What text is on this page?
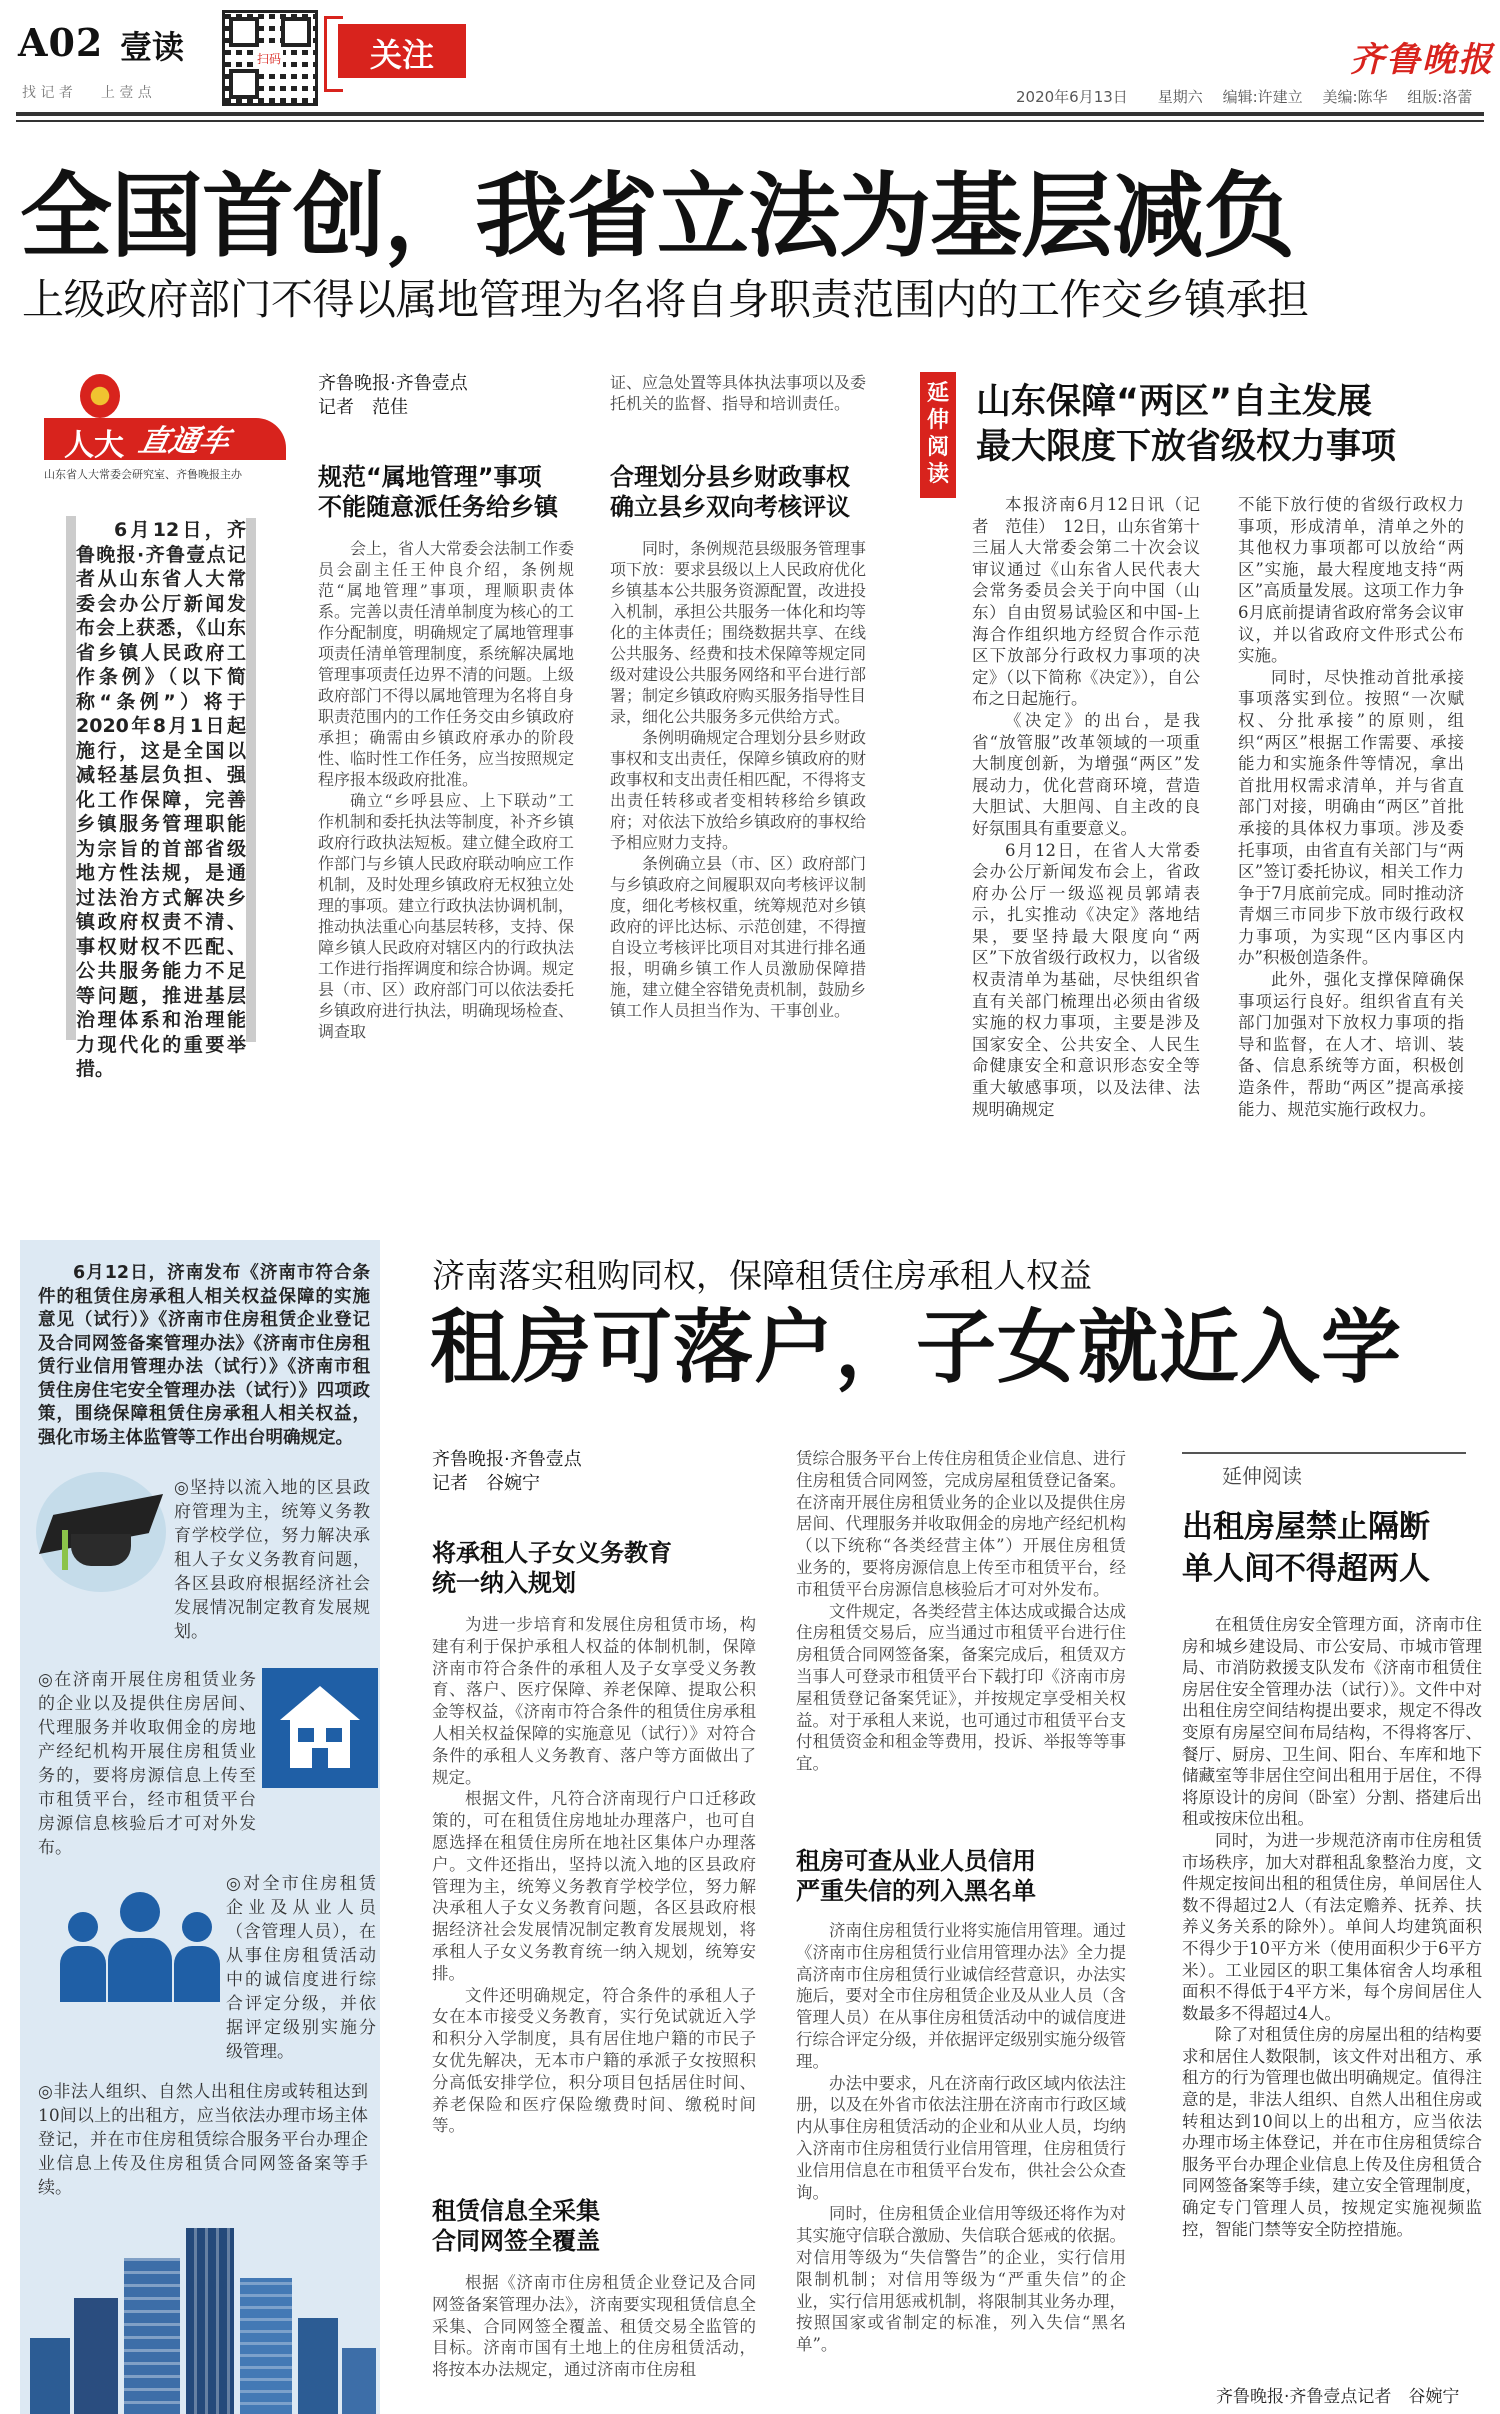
A02 壹读
找 记 者　　上 壹 点
扫码	关注
2020年6月13日　　星期六　 编辑:许建立　 美编:陈华　 组版:洛蕾
齐鲁晚报
全国首创，我省立法为基层减负
上级政府部门不得以属地管理为名将自身职责范围内的工作交乡镇承担
人大 直通车
山东省人大常委会研究室、齐鲁晚报主办
6月12日，齐鲁晚报·齐鲁壹点记者从山东省人大常委会办公厅新闻发布会上获悉，《山东省乡镇人民政府工作条例》（以下简称“条例”）将于2020年8月1日起施行，这是全国以减轻基层负担、强化工作保障，完善乡镇服务管理职能为宗旨的首部省级地方性法规，是通过法治方式解决乡镇政府权责不清、事权财权不匹配、公共服务能力不足等问题，推进基层治理体系和治理能力现代化的重要举措。
齐鲁晚报·齐鲁壹点
记者　范佳
规范“属地管理”事项
不能随意派任务给乡镇

会上，省人大常委会法制工作委员会副主任王仲良介绍，条例规范“属地管理”事项，理顺职责体系。完善以责任清单制度为核心的工作分配制度，明确规定了属地管理事项责任清单管理制度，系统解决属地管理事项责任边界不清的问题。上级政府部门不得以属地管理为名将自身职责范围内的工作任务交由乡镇政府承担；确需由乡镇政府承办的阶段性、临时性工作任务，应当按照规定程序报本级政府批准。

确立“乡呼县应、上下联动”工作机制和委托执法等制度，补齐乡镇政府行政执法短板。建立健全政府工作部门与乡镇人民政府联动响应工作机制，及时处理乡镇政府无权独立处理的事项。建立行政执法协调机制，推动执法重心向基层转移，支持、保障乡镇人民政府对辖区内的行政执法工作进行指挥调度和综合协调。规定县（市、区）政府部门可以依法委托乡镇政府进行执法，明确现场检查、调查取

证、应急处置等具体执法事项以及委托机关的监督、指导和培训责任。

合理划分县乡财政事权
确立县乡双向考核评议

同时，条例规范县级服务管理事项下放：要求县级以上人民政府优化乡镇基本公共服务资源配置，改进投入机制，承担公共服务一体化和均等化的主体责任；围绕数据共享、在线公共服务、经费和技术保障等规定同级对建设公共服务网络和平台进行部署；制定乡镇政府购买服务指导性目录，细化公共服务多元供给方式。

条例明确规定合理划分县乡财政事权和支出责任，保障乡镇政府的财政事权和支出责任相匹配，不得将支出责任转移或者变相转移给乡镇政府；对依法下放给乡镇政府的事权给予相应财力支持。

条例确立县（市、区）政府部门与乡镇政府之间履职双向考核评议制度，细化考核权重，统筹规范对乡镇政府的评比达标、示范创建，不得擅自设立考核评比项目对其进行排名通报，明确乡镇工作人员激励保障措施，建立健全容错免责机制，鼓励乡镇工作人员担当作为、干事创业。

延伸阅读
山东保障“两区”自主发展
最大限度下放省级权力事项

本报济南6月12日讯（记者　范佳）　12日，山东省第十三届人大常委会第二十次会议审议通过《山东省人民代表大会常务委员会关于向中国（山东）自由贸易试验区和中国-上海合作组织地方经贸合作示范区下放部分行政权力事项的决定》（以下简称《决定》），自公布之日起施行。

《决定》的出台，是我省“放管服”改革领域的一项重大制度创新，为增强“两区”发展动力，优化营商环境，营造大胆试、大胆闯、自主改的良好氛围具有重要意义。

6月12日，在省人大常委会办公厅新闻发布会上，省政府办公厅一级巡视员郭靖表示，扎实推动《决定》落地结果，要坚持最大限度向“两区”下放省级行政权力，以省级权责清单为基础，尽快组织省直有关部门梳理出必须由省级实施的权力事项，主要是涉及国家安全、公共安全、人民生命健康安全和意识形态安全等重大敏感事项，以及法律、法规明确规定

不能下放行使的省级行政权力事项，形成清单，清单之外的其他权力事项都可以放给“两区”实施，最大程度地支持“两区”高质量发展。这项工作力争6月底前提请省政府常务会议审议，并以省政府文件形式公布实施。

同时，尽快推动首批承接事项落实到位。按照“一次赋权、分批承接”的原则，组织“两区”根据工作需要、承接能力和实施条件等情况，拿出首批用权需求清单，并与省直部门对接，明确由“两区”首批承接的具体权力事项。涉及委托事项，由省直有关部门与“两区”签订委托协议，相关工作力争于7月底前完成。同时推动济青烟三市同步下放市级行政权力事项，为实现“区内事区内办”积极创造条件。

此外，强化支撑保障确保事项运行良好。组织省直有关部门加强对下放权力事项的指导和监督，在人才、培训、装备、信息系统等方面，积极创造条件，帮助“两区”提高承接能力、规范实施行政权力。

6月12日，济南发布《济南市符合条件的租赁住房承租人相关权益保障的实施意见（试行）》《济南市住房租赁企业登记及合同网签备案管理办法》《济南市住房租赁行业信用管理办法（试行）》《济南市租赁住房住宅安全管理办法（试行）》四项政策，围绕保障租赁住房承租人相关权益，强化市场主体监管等工作出台明确规定。
◎坚持以流入地的区县政府管理为主，统筹义务教育学校学位，努力解决承租人子女义务教育问题，各区县政府根据经济社会发展情况制定教育发展规划。
◎在济南开展住房租赁业务的企业以及提供住房居间、代理服务并收取佣金的房地产经纪机构开展住房租赁业务的，要将房源信息上传至市租赁平台，经市租赁平台房源信息核验后才可对外发布。
◎对全市住房租赁企业及从业人员（含管理人员），在从事住房租赁活动中的诚信度进行综合评定分级，并依据评定级别实施分级管理。
◎非法人组织、自然人出租住房或转租达到10间以上的出租方，应当依法办理市场主体登记，并在市住房租赁综合服务平台办理企业信息上传及住房租赁合同网签备案等手续。
济南落实租购同权，保障租赁住房承租人权益
租房可落户，子女就近入学
齐鲁晚报·齐鲁壹点
记者　谷婉宁
将承租人子女义务教育
统一纳入规划

为进一步培育和发展住房租赁市场，构建有利于保护承租人权益的体制机制，保障济南市符合条件的承租人及子女享受义务教育、落户、医疗保障、养老保障、提取公积金等权益，《济南市符合条件的租赁住房承租人相关权益保障的实施意见（试行）》对符合条件的承租人义务教育、落户等方面做出了规定。

根据文件，凡符合济南现行户口迁移政策的，可在租赁住房地址办理落户，也可自愿选择在租赁住房所在地社区集体户办理落户。文件还指出，坚持以流入地的区县政府管理为主，统筹义务教育学校学位，努力解决承租人子女义务教育问题，各区县政府根据经济社会发展情况制定教育发展规划，将承租人子女义务教育统一纳入规划，统筹安排。

文件还明确规定，符合条件的承租人子女在本市接受义务教育，实行免试就近入学和积分入学制度，具有居住地户籍的市民子女优先解决，无本市户籍的承派子女按照积分高低安排学位，积分项目包括居住时间、养老保险和医疗保险缴费时间、缴税时间等。

租赁信息全采集
合同网签全覆盖

根据《济南市住房租赁企业登记及合同网签备案管理办法》，济南要实现租赁信息全采集、合同网签全覆盖、租赁交易全监管的目标。济南市国有土地上的住房租赁活动，将按本办法规定，通过济南市住房租

赁综合服务平台上传住房租赁企业信息、进行住房租赁合同网签，完成房屋租赁登记备案。在济南开展住房租赁业务的企业以及提供住房居间、代理服务并收取佣金的房地产经纪机构（以下统称“各类经营主体”）开展住房租赁业务的，要将房源信息上传至市租赁平台，经市租赁平台房源信息核验后才可对外发布。

文件规定，各类经营主体达成或撮合达成住房租赁交易后，应当通过市租赁平台进行住房租赁合同网签备案，备案完成后，租赁双方当事人可登录市租赁平台下载打印《济南市房屋租赁登记备案凭证》，并按规定享受相关权益。对于承租人来说，也可通过市租赁平台支付租赁资金和租金等费用，投诉、举报等等事宜。

租房可查从业人员信用
严重失信的列入黑名单

济南住房租赁行业将实施信用管理。通过《济南市住房租赁行业信用管理办法》全力提高济南市住房租赁行业诚信经营意识，办法实施后，要对全市住房租赁企业及从业人员（含管理人员）在从事住房租赁活动中的诚信度进行综合评定分级，并依据评定级别实施分级管理。

办法中要求，凡在济南行政区域内依法注册，以及在外省市依法注册在济南市行政区域内从事住房租赁活动的企业和从业人员，均纳入济南市住房租赁行业信用管理，住房租赁行业信用信息在市租赁平台发布，供社会公众查询。

同时，住房租赁企业信用等级还将作为对其实施守信联合激励、失信联合惩戒的依据。对信用等级为“失信警告”的企业，实行信用限制机制；对信用等级为“严重失信”的企业，实行信用惩戒机制，将限制其业务办理，按照国家或省制定的标准，列入失信“黑名单”。

延伸阅读
出租房屋禁止隔断
单人间不得超两人

在租赁住房安全管理方面，济南市住房和城乡建设局、市公安局、市城市管理局、市消防救援支队发布《济南市租赁住房居住安全管理办法（试行）》。文件中对出租住房空间结构提出要求，规定不得改变原有房屋空间布局结构，不得将客厅、餐厅、厨房、卫生间、阳台、车库和地下储藏室等非居住空间出租用于居住，不得将原设计的房间（卧室）分割、搭建后出租或按床位出租。

同时，为进一步规范济南市住房租赁市场秩序，加大对群租乱象整治力度，文件规定按间出租的租赁住房，单间居住人数不得超过2人（有法定赡养、抚养、扶养义务关系的除外）。单间人均建筑面积不得少于10平方米（使用面积少于6平方米）。工业园区的职工集体宿舍人均承租面积不得低于4平方米，每个房间居住人数最多不得超过4人。

除了对租赁住房的房屋出租的结构要求和居住人数限制，该文件对出租方、承租方的行为管理也做出明确规定。值得注意的是，非法人组织、自然人出租住房或转租达到10间以上的出租方，应当依法办理市场主体登记，并在市住房租赁综合服务平台办理企业信息上传及住房租赁合同网签备案等手续，建立安全管理制度，确定专门管理人员，按规定实施视频监控，智能门禁等安全防控措施。

齐鲁晚报·齐鲁壹点记者　谷婉宁
